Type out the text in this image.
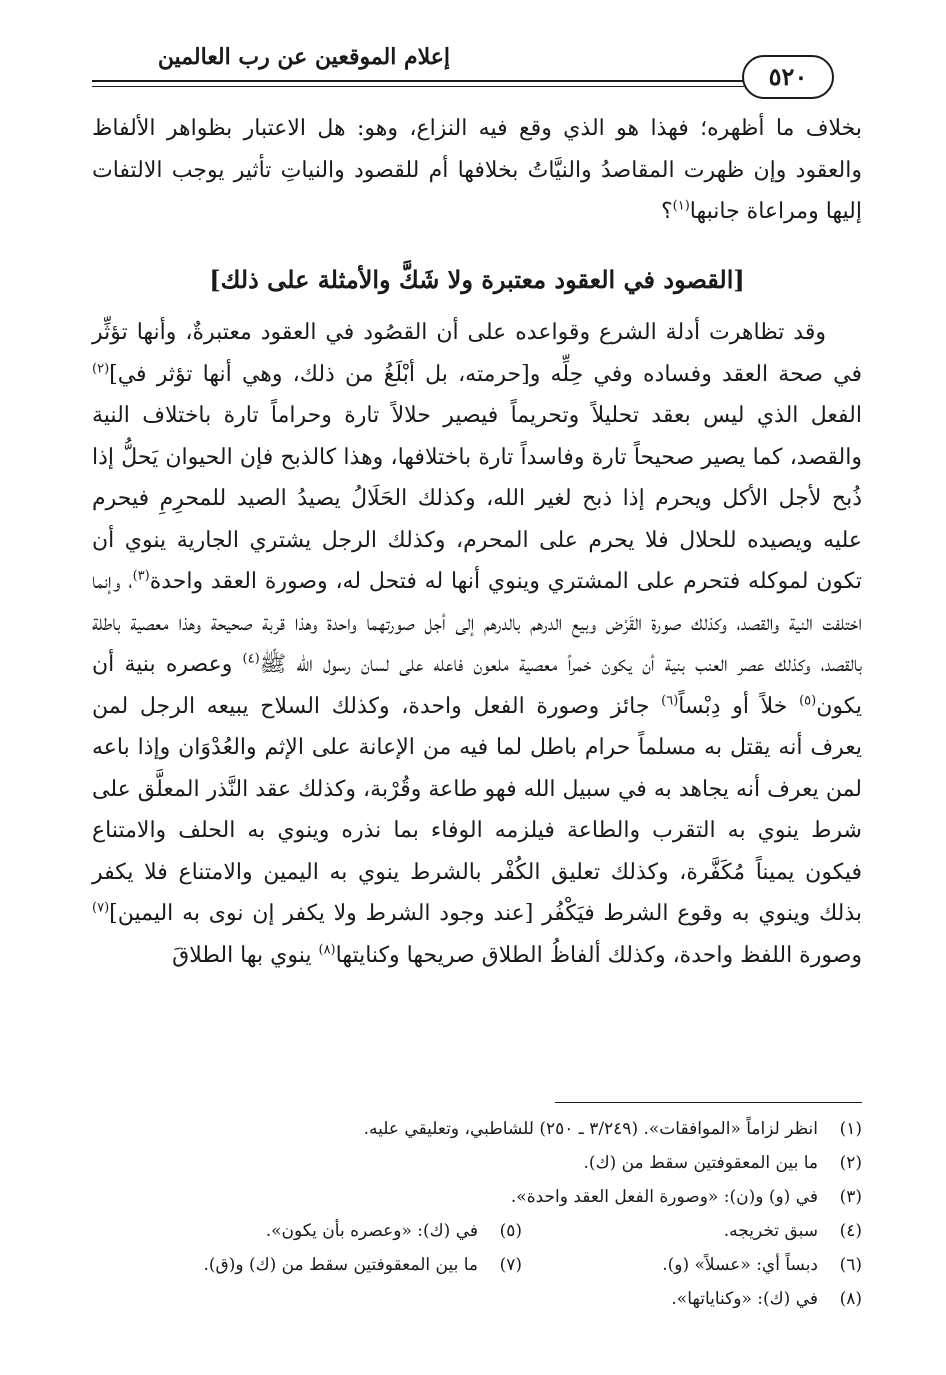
إعلام الموقعين عن رب العالمين
٥٢٠

بخلاف ما أظهره؛ فهذا هو الذي وقع فيه النزاع، وهو: هل الاعتبار بظواهر الألفاظ والعقود وإن ظهرت المقاصدُ والنيَّاتُ بخلافها أم للقصود والنياتِ تأثير يوجب الالتفات إليها ومراعاة جانبها$^{(١)}$؟

[القصود في العقود معتبرة ولا شَكَّ والأمثلة على ذلك]

وقد تظاهرت أدلة الشرع وقواعده على أن القصُود في العقود معتبرةٌ، وأنها تؤثِّر في صحة العقد وفساده وفي حِلِّه و[حرمته، بل أبْلَغُ من ذلك، وهي أنها تؤثر في]$^{(٢)}$ الفعل الذي ليس بعقد تحليلاً وتحريماً فيصير حلالاً تارة وحراماً تارة باختلاف النية والقصد، كما يصير صحيحاً تارة وفاسداً تارة باختلافها، وهذا كالذبح فإن الحيوان يَحلُّ إذا ذُبح لأجل الأكل ويحرم إذا ذبح لغير الله، وكذلك الحَلَالُ يصيدُ الصيد للمحرِمِ فيحرم عليه ويصيده للحلال فلا يحرم على المحرم، وكذلك الرجل يشتري الجارية ينوي أن تكون لموكله فتحرم على المشتري وينوي أنها له فتحل له، وصورة العقد واحدة$^{(٣)}$، وإنما اختلفت النية والقصد، وكذلك صورة القَرْض وبيع الدرهم بالدرهم إلى أجل صورتهما واحدة وهذا قربة صحيحة وهذا معصية باطلة بالقصد، وكذلك عصر العنب بنية أن يكون خمراً معصية ملعون فاعله على لسان رسول الله ﷺ$^{(٤)}$ وعصره بنية أن يكون$^{(٥)}$ خلاً أو دِبْساً$^{(٦)}$ جائز وصورة الفعل واحدة، وكذلك السلاح يبيعه الرجل لمن يعرف أنه يقتل به مسلماً حرام باطل لما فيه من الإعانة على الإثم والعُدْوَان وإذا باعه لمن يعرف أنه يجاهد به في سبيل الله فهو طاعة وقُرْبة، وكذلك عقد النَّذر المعلَّق على شرط ينوي به التقرب والطاعة فيلزمه الوفاء بما نذره وينوي به الحلف والامتناع فيكون يميناً مُكَفَّرة، وكذلك تعليق الكُفْر بالشرط ينوي به اليمين والامتناع فلا يكفر بذلك وينوي به وقوع الشرط فيَكْفُر [عند وجود الشرط ولا يكفر إن نوى به اليمين]$^{(٧)}$ وصورة اللفظ واحدة، وكذلك ألفاظُ الطلاق صريحها وكنايتها$^{(٨)}$ ينوي بها الطلاقَ

(١)
انظر لزاماً «الموافقات». (٣/٢٤٩ ـ ٢٥٠) للشاطبي، وتعليقي عليه.
(٢)
ما بين المعقوفتين سقط من (ك).
(٣)
في (و) و(ن): «وصورة الفعل العقد واحدة».
(٤)
سبق تخريجه.
(٥)
في (ك): «وعصره بأن يكون».
(٦)
دبساً أي: «عسلاً» (و).
(٧)
ما بين المعقوفتين سقط من (ك) و(ق).
(٨)
في (ك): «وكناياتها».
